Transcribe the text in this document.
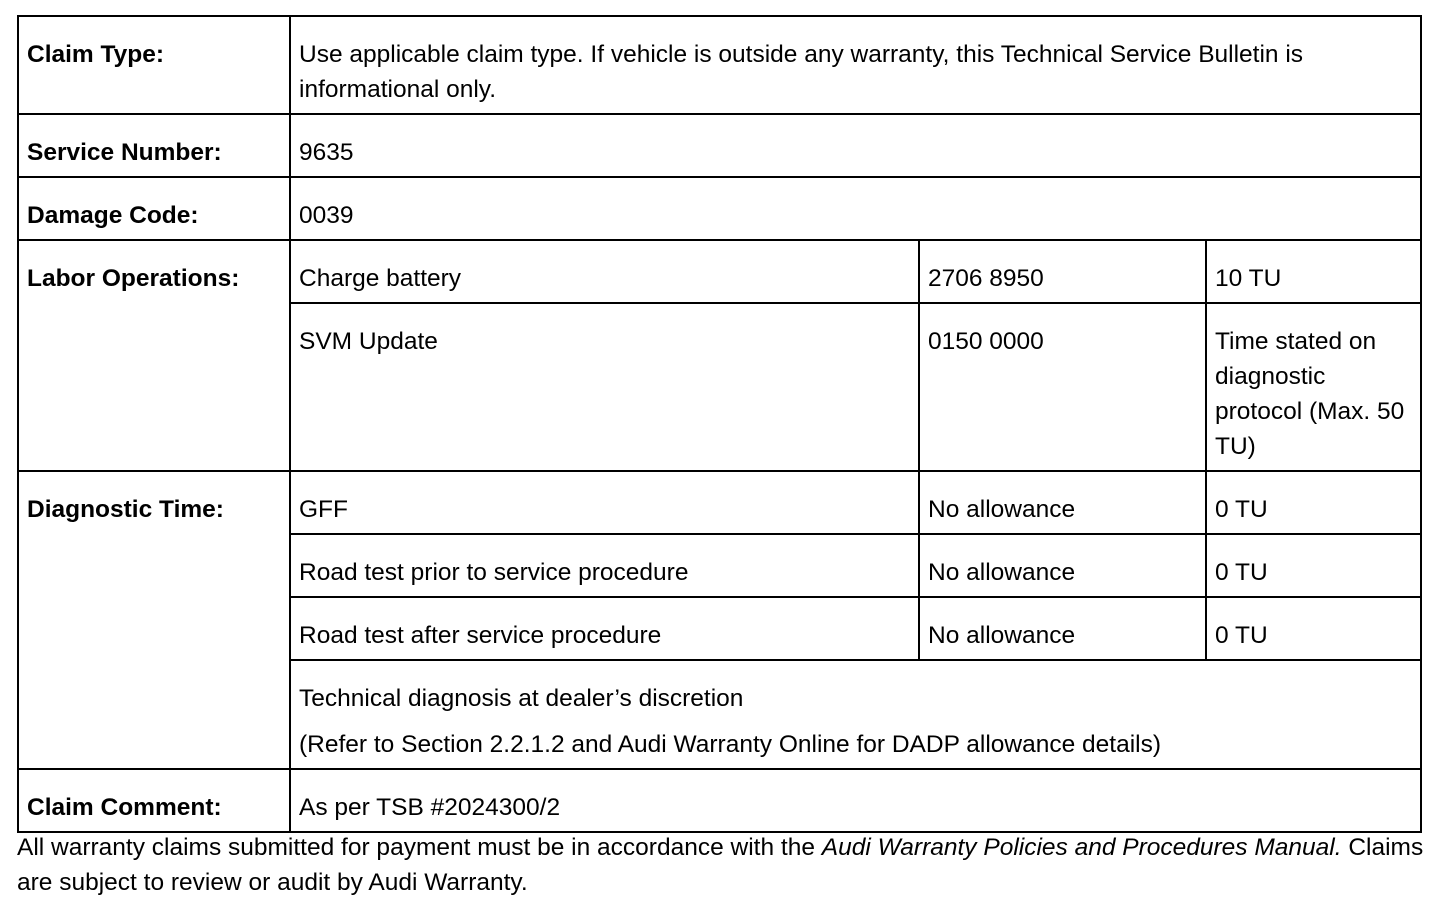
Claim Type:	Use applicable claim type. If vehicle is outside any warranty, this Technical Service Bulletin is informational only.		
Service Number:	9635		
Damage Code:	0039		
Labor Operations:	Charge battery	2706 8950	10 TU
	SVM Update	0150 0000	Time stated on diagnostic protocol (Max. 50 TU)
Diagnostic Time:	GFF	No allowance	0 TU
	Road test prior to service procedure	No allowance	0 TU
	Road test after service procedure	No allowance	0 TU

	Technical diagnosis at dealer’s discretion
(Refer to Section 2.2.1.2 and Audi Warranty Online for DADP allowance details)		

Claim Comment:	As per TSB #2024300/2		

All warranty claims submitted for payment must be in accordance with the Audi Warranty Policies and Procedures Manual. Claims are subject to review or audit by Audi Warranty.
